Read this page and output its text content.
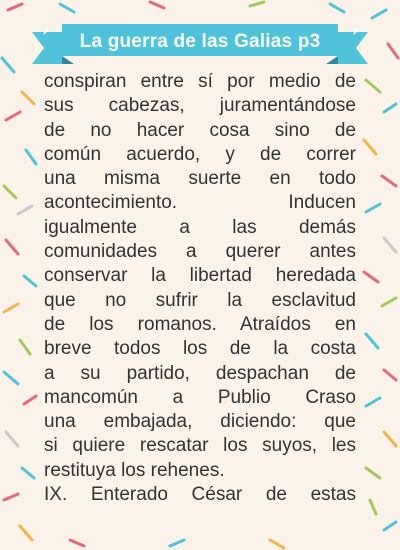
La guerra de las Galias p3
conspiran entre sí por medio de
sus cabezas, juramentándose
de no hacer cosa sino de
común acuerdo, y de correr
una misma suerte en todo
acontecimiento. Inducen
igualmente a las demás
comunidades a querer antes
conservar la libertad heredada
que no sufrir la esclavitud
de los romanos. Atraídos en
breve todos los de la costa
a su partido, despachan de
mancomún a Publio Craso
una embajada, diciendo: que
si quiere rescatar los suyos, les
restituya los rehenes.
IX. Enterado César de estas
